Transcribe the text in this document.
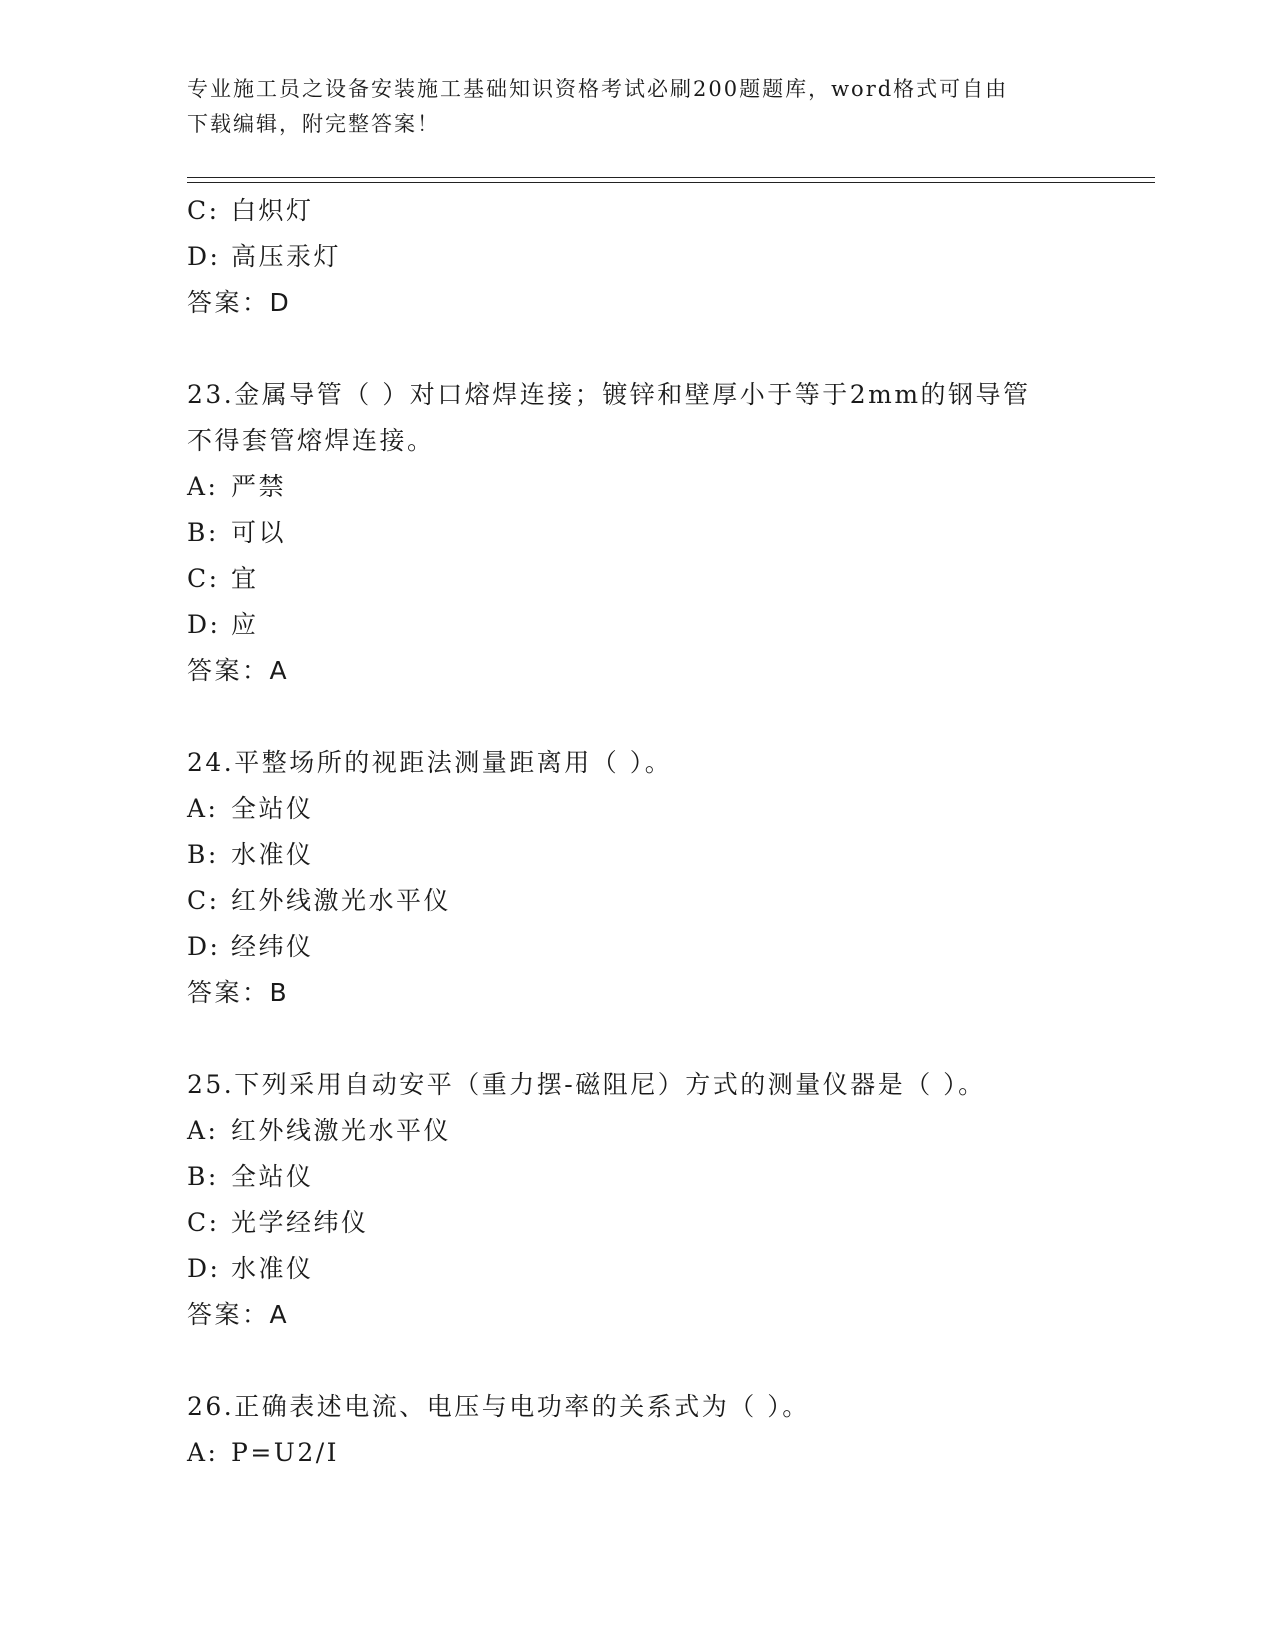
专业施工员之设备安装施工基础知识资格考试必刷200题题库，word格式可自由
下载编辑，附完整答案！
C: 白炽灯
D: 高压汞灯
答案：D
23.金属导管（ ）对口熔焊连接；镀锌和壁厚小于等于2mm的钢导管
不得套管熔焊连接。
A: 严禁
B: 可以
C: 宜
D: 应
答案：A
24.平整场所的视距法测量距离用（ ）。
A: 全站仪
B: 水准仪
C: 红外线激光水平仪
D: 经纬仪
答案：B
25.下列采用自动安平（重力摆-磁阻尼）方式的测量仪器是（ ）。
A: 红外线激光水平仪
B: 全站仪
C: 光学经纬仪
D: 水准仪
答案：A
26.正确表述电流、电压与电功率的关系式为（ ）。
A: P=U2/I
